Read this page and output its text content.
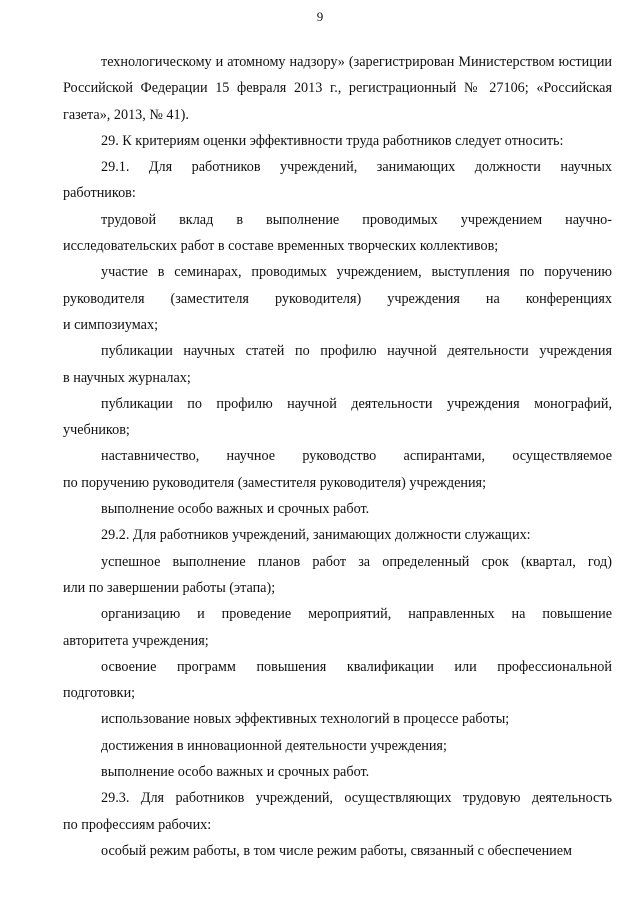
9
технологическому и атомному надзору» (зарегистрирован Министерством юстиции
Российской Федерации 15 февраля 2013 г., регистрационный № 27106; «Российская
газета», 2013, № 41).
29. К критериям оценки эффективности труда работников следует относить:
29.1. Для работников учреждений, занимающих должности научных
работников:
трудовой вклад в выполнение проводимых учреждением научно-
исследовательских работ в составе временных творческих коллективов;
участие в семинарах, проводимых учреждением, выступления по поручению
руководителя (заместителя руководителя) учреждения на конференциях
и симпозиумах;
публикации научных статей по профилю научной деятельности учреждения
в научных журналах;
публикации по профилю научной деятельности учреждения монографий,
учебников;
наставничество, научное руководство аспирантами, осуществляемое
по поручению руководителя (заместителя руководителя) учреждения;
выполнение особо важных и срочных работ.
29.2. Для работников учреждений, занимающих должности служащих:
успешное выполнение планов работ за определенный срок (квартал, год)
или по завершении работы (этапа);
организацию и проведение мероприятий, направленных на повышение
авторитета учреждения;
освоение программ повышения квалификации или профессиональной
подготовки;
использование новых эффективных технологий в процессе работы;
достижения в инновационной деятельности учреждения;
выполнение особо важных и срочных работ.
29.3. Для работников учреждений, осуществляющих трудовую деятельность
по профессиям рабочих:
особый режим работы, в том числе режим работы, связанный с обеспечением
